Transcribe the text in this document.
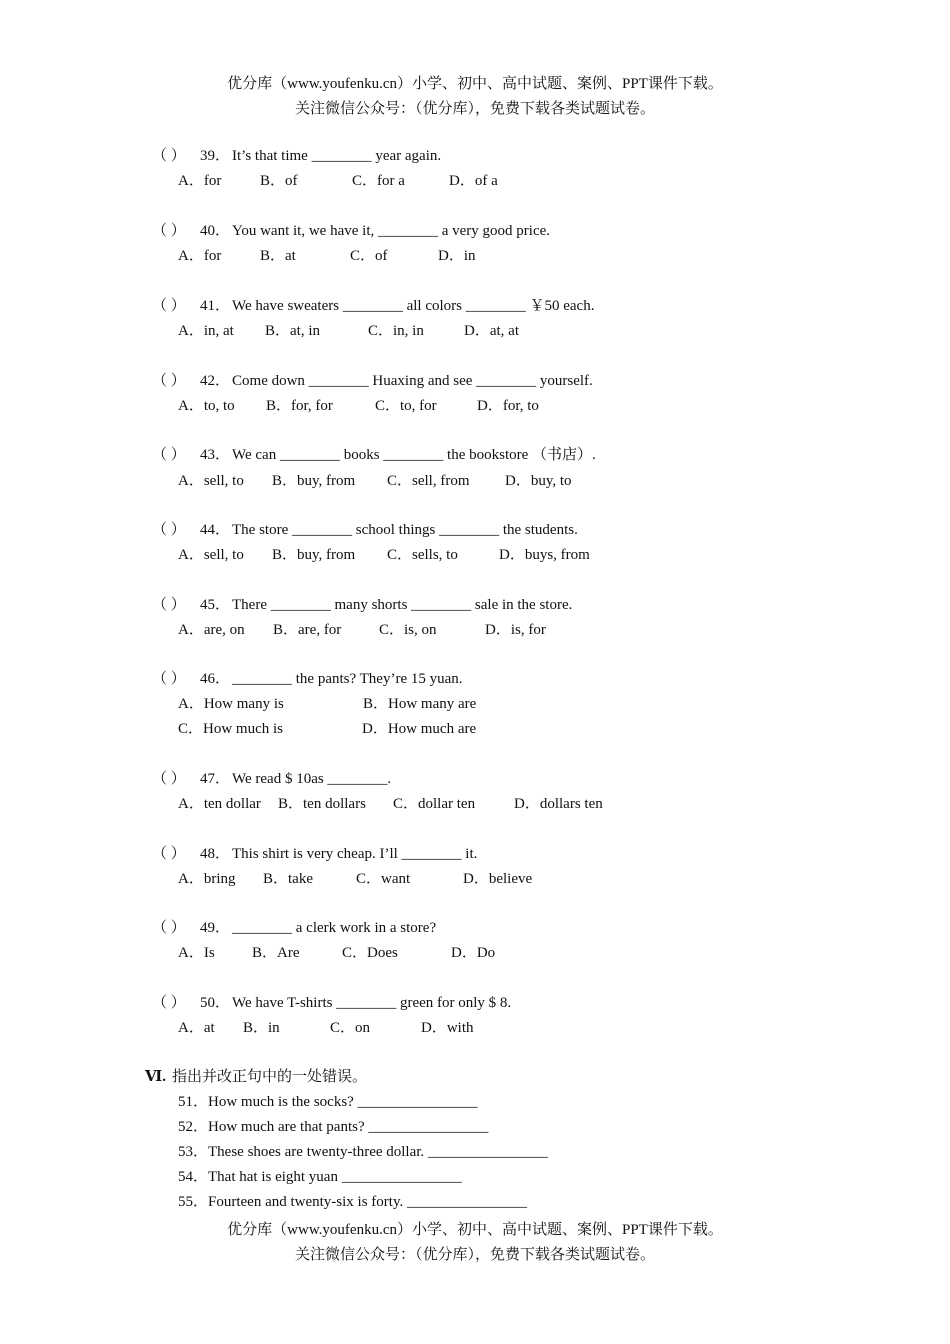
优分库（www.youfenku.cn）小学、初中、高中试题、案例、PPT课件下载。
关注微信公众号：（优分库），免费下载各类试题试卷。
（ ） 39． It’s that time ________ year again.
A．for	B．of	C．for a	D．of a
（ ） 40． You want it, we have it, ________ a very good price.
A．for	B．at	C．of	D．in
（ ） 41． We have sweaters ________ all colors ________ ￥50 each.
A．in, at B．at, in	C．in, in	D．at, at
（ ） 42． Come down ________ Huaxing and see ________ yourself.
A．to, to B．for, for	C．to, for	D．for, to
（ ） 43． We can ________ books ________ the bookstore （书店）.
A．sell, to B．buy, from C．sell, from D．buy, to
（ ） 44． The store ________ school things ________ the students.
A．sell, to B．buy, from C．sells, to	D．buys, from
（ ） 45． There ________ many shorts ________ sale in the store.
A．are, on B．are, for	C．is, on	D．is, for
（ ） 46． ________ the pants? They’re 15 yuan.
A．How many is	B．How many are
C．How much is	D．How much are
（ ） 47． We read $ 10as ________.
A．ten dollar B．ten dollars C．dollar ten	D．dollars ten
（ ） 48． This shirt is very cheap. I’ll ________ it.
A．bring B．take	C．want	D．believe
（ ） 49． ________ a clerk work in a store?
A．Is B．Are	C．Does	D．Do
（ ） 50． We have T-shirts ________ green for only $ 8.
A．at B．in	C．on	D．with
Ⅵ. 指出并改正句中的一处错误。
51．How much is the socks? ________________
52．How much are that pants? ________________
53．These shoes are twenty-three dollar. ________________
54．That hat is eight yuan ________________
55．Fourteen and twenty-six is forty. ________________
优分库（www.youfenku.cn）小学、初中、高中试题、案例、PPT课件下载。
关注微信公众号：（优分库），免费下载各类试题试卷。
